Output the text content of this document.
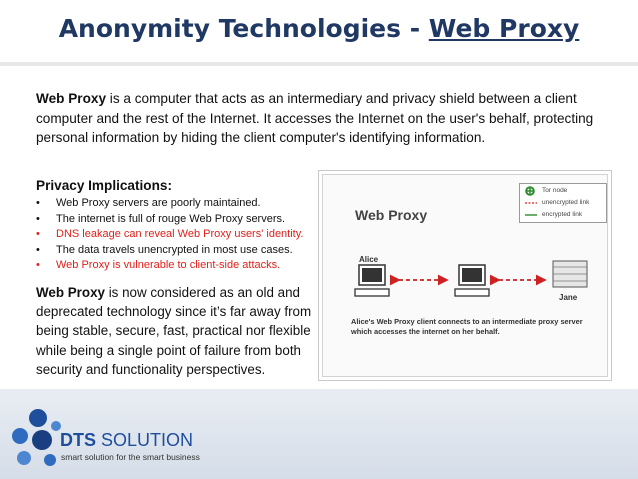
Anonymity Technologies - Web Proxy
Web Proxy is a computer that acts as an intermediary and privacy shield between a client computer and the rest of the Internet. It accesses the Internet on the user's behalf, protecting personal information by hiding the client computer's identifying information.
Privacy Implications:
• Web Proxy servers are poorly maintained.
• The internet is full of rouge Web Proxy servers.
• DNS leakage can reveal Web Proxy users' identity.
• The data travels unencrypted in most use cases.
• Web Proxy is vulnerable to client-side attacks.
Web Proxy is now considered as an old and deprecated technology since it’s far away from being stable, secure, fast, practical nor flexible while being a single point of failure from both security and functionality perspectives.
Web Proxy
Tor node
unencrypted link
encrypted link
Alice
Jane
Alice's Web Proxy client connects to an intermediate proxy server which accesses the internet on her behalf.
DTS SOLUTION
smart solution for the smart business
